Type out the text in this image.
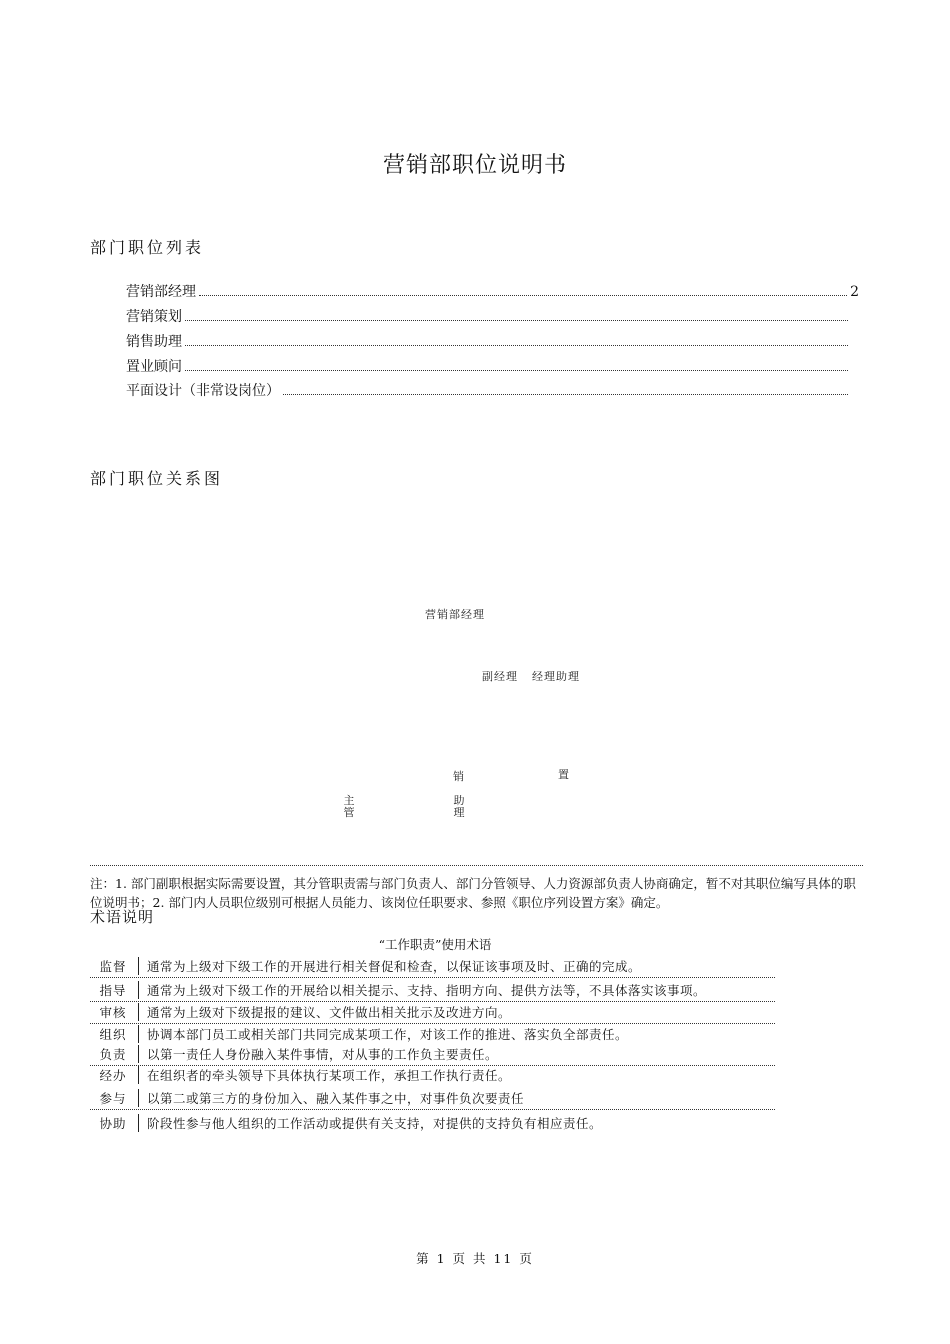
营销部职位说明书
部门职位列表
营销部经理	2
营销策划
销售助理
置业顾问
平面设计（非常设岗位）
部门职位关系图
营销部经理
副经理 经理助理
销	置
主管
助理
注：1. 部门副职根据实际需要设置，其分管职责需与部门负责人、部门分管领导、人力资源部负责人协商确定，暂不对其职位编写具体的职位说明书；2. 部门内人员职位级别可根据人员能力、该岗位任职要求、参照《职位序列设置方案》确定。
术语说明
“工作职责”使用术语
监督	通常为上级对下级工作的开展进行相关督促和检查，以保证该事项及时、正确的完成。
指导	通常为上级对下级工作的开展给以相关提示、支持、指明方向、提供方法等，不具体落实该事项。
审核	通常为上级对下级提报的建议、文件做出相关批示及改进方向。
组织	协调本部门员工或相关部门共同完成某项工作，对该工作的推进、落实负全部责任。
负责	以第一责任人身份融入某件事情，对从事的工作负主要责任。
经办	在组织者的牵头领导下具体执行某项工作，承担工作执行责任。
参与	以第二或第三方的身份加入、融入某件事之中，对事件负次要责任
协助	阶段性参与他人组织的工作活动或提供有关支持，对提供的支持负有相应责任。
第 1 页 共 11 页
